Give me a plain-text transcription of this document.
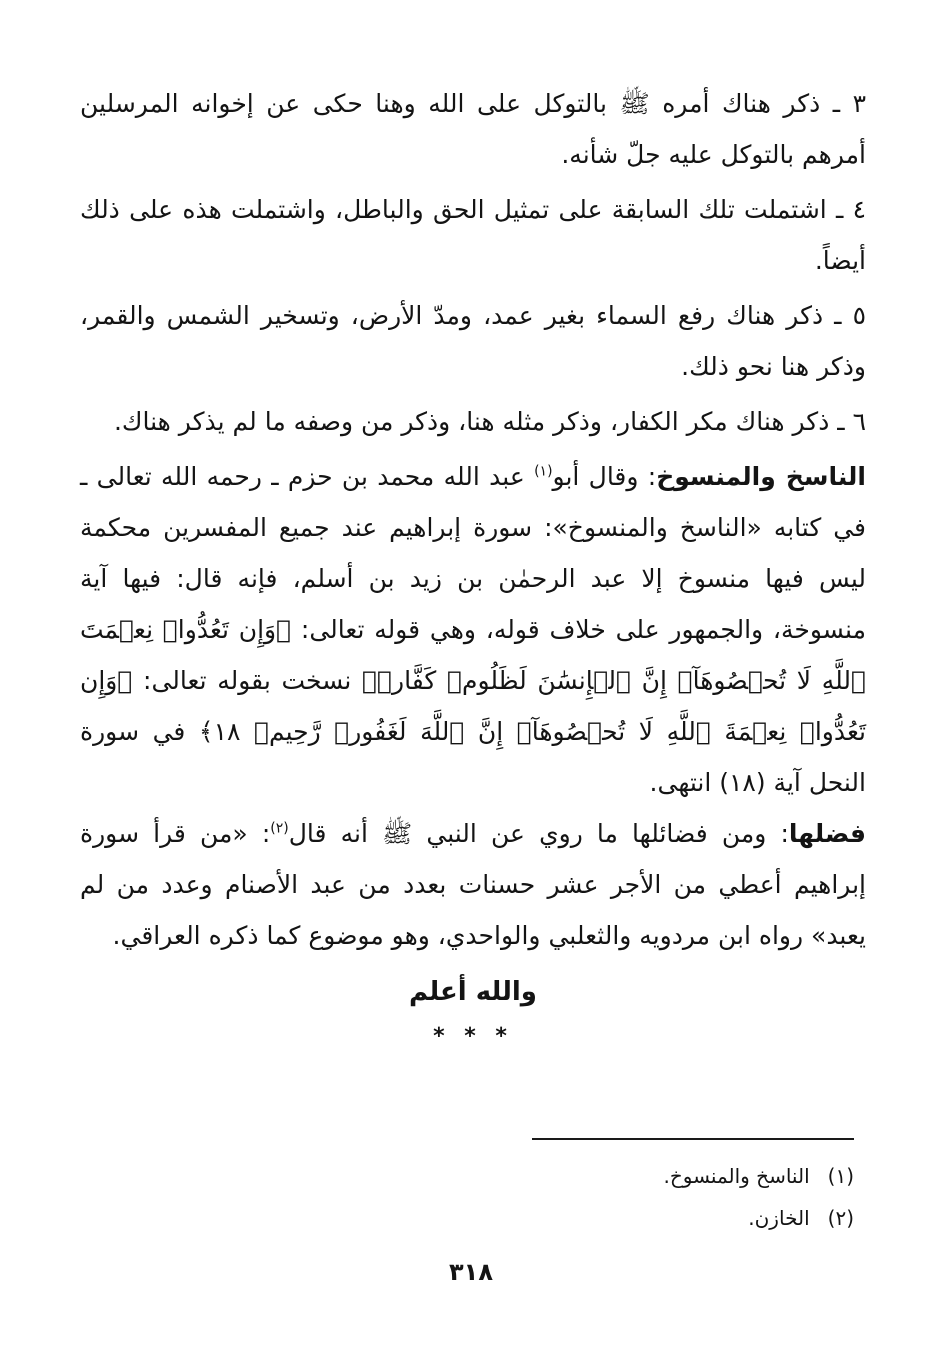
٣ ـ ذكر هناك أمره ﷺ بالتوكل على الله وهنا حكى عن إخوانه المرسلين أمرهم بالتوكل عليه جلّ شأنه.

٤ ـ اشتملت تلك السابقة على تمثيل الحق والباطل، واشتملت هذه على ذلك أيضاً.

٥ ـ ذكر هناك رفع السماء بغير عمد، ومدّ الأرض، وتسخير الشمس والقمر، وذكر هنا نحو ذلك.

٦ ـ ذكر هناك مكر الكفار، وذكر مثله هنا، وذكر من وصفه ما لم يذكر هناك.

الناسخ والمنسوخ: وقال أبو$^{(١)}$ عبد الله محمد بن حزم ـ رحمه الله تعالى ـ في كتابه «الناسخ والمنسوخ»: سورة إبراهيم عند جميع المفسرين محكمة ليس فيها منسوخ إلا عبد الرحمٰن بن زيد بن أسلم، فإنه قال: فيها آية منسوخة، والجمهور على خلاف قوله، وهي قوله تعالى: ﴿وَإِن تَعُدُّوا۟ نِعۡمَتَ ٱللَّهِ لَا تُحۡصُوهَآۗ إِنَّ ٱلۡإِنسَٰنَ لَظَلُومٞ كَفَّارٞ﴾ نسخت بقوله تعالى: ﴿وَإِن تَعُدُّوا۟ نِعۡمَةَ ٱللَّهِ لَا تُحۡصُوهَآۗ إِنَّ ٱللَّهَ لَغَفُورٞ رَّحِيمٞ ١٨﴾ في سورة النحل آية (١٨) انتهى.

فضلها: ومن فضائلها ما روي عن النبي ﷺ أنه قال$^{(٢)}$: «من قرأ سورة إبراهيم أعطي من الأجر عشر حسنات بعدد من عبد الأصنام وعدد من لم يعبد» رواه ابن مردويه والثعلبي والواحدي، وهو موضوع كما ذكره العراقي.

والله أعلم
* * *
(١)الناسخ والمنسوخ.
(٢)الخازن.
٣١٨
